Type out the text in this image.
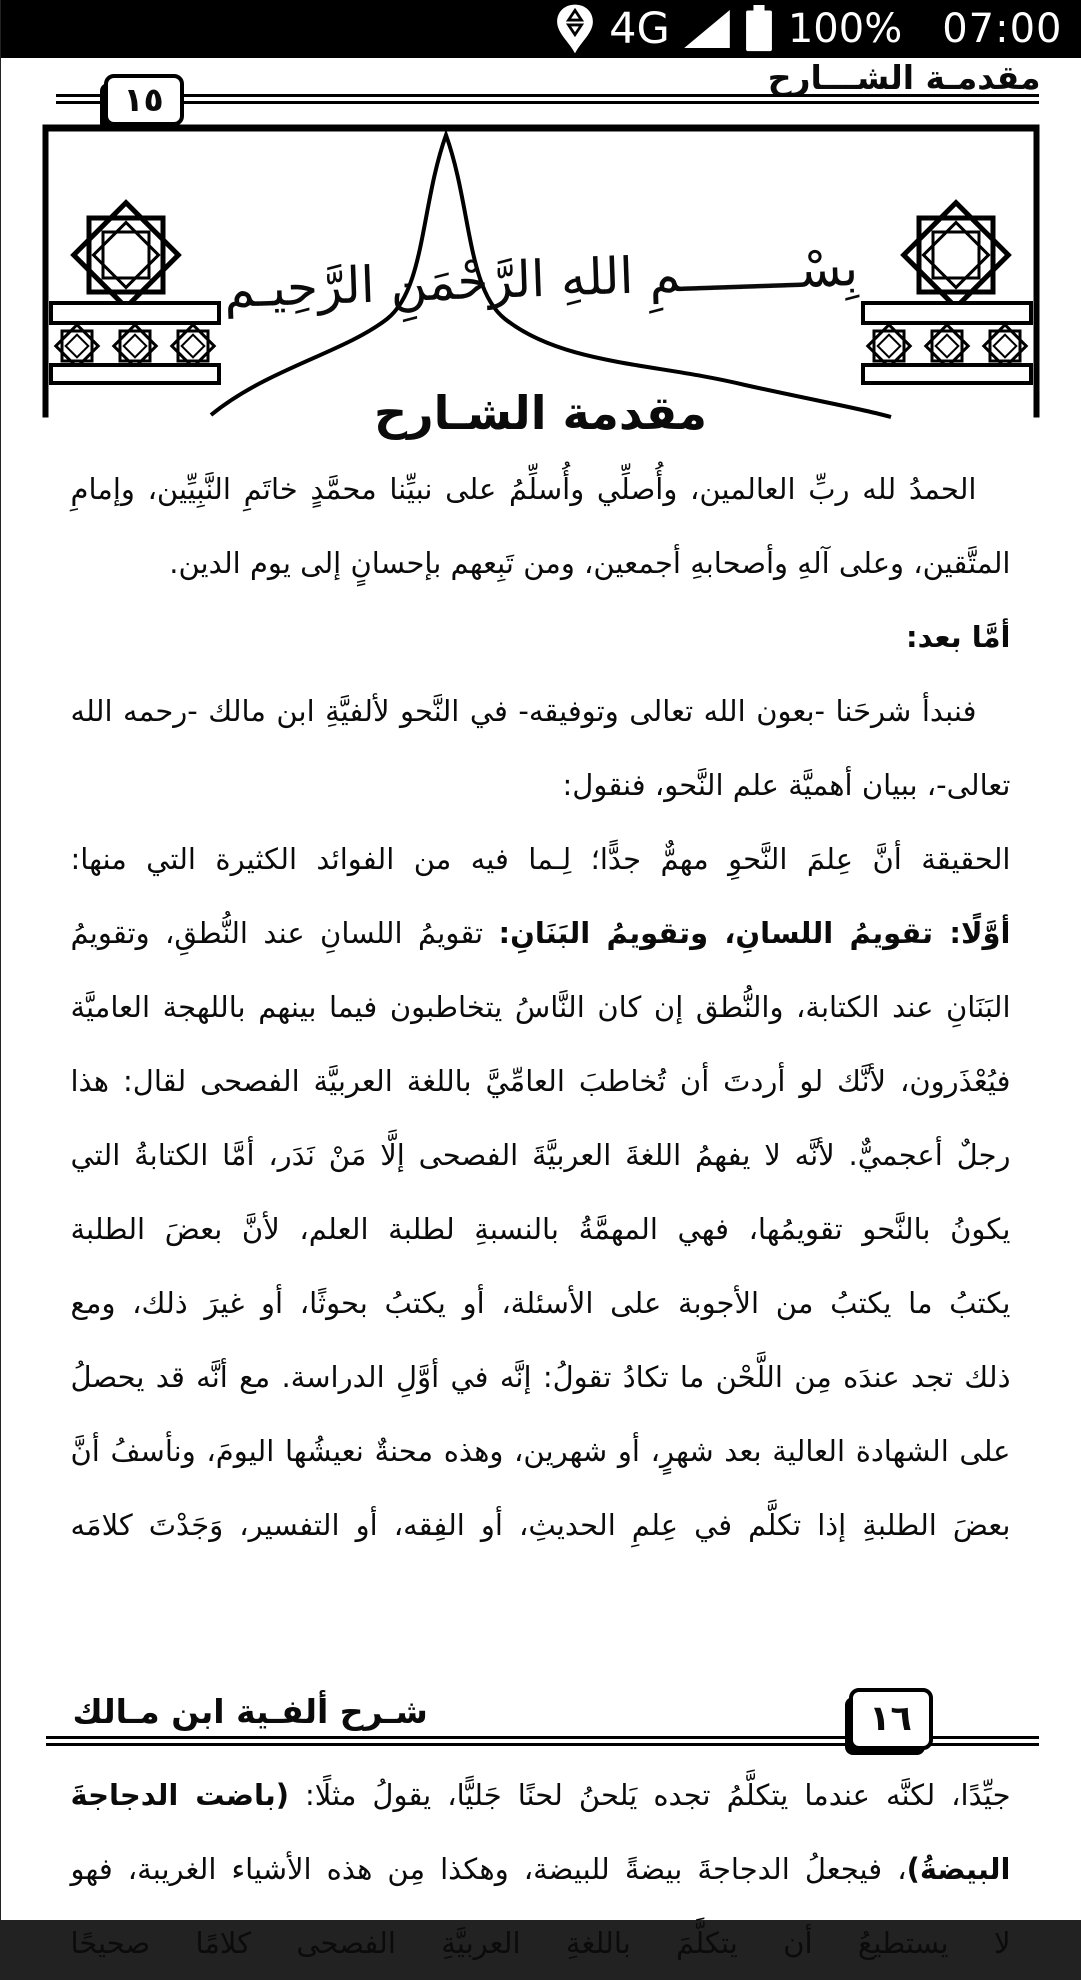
4G	100% 07:00
مقدمـة الشـــارح
١٥
بِسْــــــــمِ اللهِ الرَّحْمَنِ الرَّحِيـم
مقدمة الشـارح
الحمدُ لله ربِّ العالمين، وأُصلِّي وأُسلِّمُ على نبيِّنا محمَّدٍ خاتَمِ النَّبِيِّين، وإمامِ
المتَّقين، وعلى آلهِ وأصحابهِ أجمعين، ومن تَبِعهم بإحسانٍ إلى يوم الدين.
أمَّا بعد:
فنبدأ شرحَنا -بعون الله تعالى وتوفيقه- في النَّحو لألفيَّةِ ابن مالك -رحمه الله
تعالى-، ببيان أهميَّة علم النَّحو، فنقول:
الحقيقة أنَّ عِلمَ النَّحوِ مهمٌّ جدًّا؛ لِـما فيه من الفوائد الكثيرة التي منها:
أوَّلًا: تقويمُ اللسانِ، وتقويمُ البَنَانِ: تقويمُ اللسانِ عند النُّطقِ، وتقويمُ
البَنَانِ عند الكتابة، والنُّطق إن كان النَّاسُ يتخاطبون فيما بينهم باللهجة العاميَّة
فيُعْذَرون، لأنَّك لو أردتَ أن تُخاطبَ العامِّيَّ باللغة العربيَّة الفصحى لقال: هذا
رجلٌ أعجميٌّ. لأنَّه لا يفهمُ اللغةَ العربيَّةَ الفصحى إلَّا مَنْ نَدَر، أمَّا الكتابةُ التي
يكونُ بالنَّحو تقويمُها، فهي المهمَّةُ بالنسبةِ لطلبة العلم، لأنَّ بعضَ الطلبة
يكتبُ ما يكتبُ من الأجوبة على الأسئلة، أو يكتبُ بحوثًا، أو غيرَ ذلك، ومع
ذلك تجد عندَه مِن اللَّحْن ما تكادُ تقولُ: إنَّه في أوَّلِ الدراسة. مع أنَّه قد يحصلُ
على الشهادة العالية بعد شهرٍ، أو شهرين، وهذه محنةٌ نعيشُها اليومَ، ونأسفُ أنَّ
بعضَ الطلبةِ إذا تكلَّم في عِلمِ الحديثِ، أو الفِقه، أو التفسير، وَجَدْتَ كلامَه
شـرح ألفـية ابن مـالك	١٦
جيِّدًا، لكنَّه عندما يتكلَّمُ تجده يَلحنُ لحنًا جَليًّا، يقولُ مثلًا: (باضت الدجاجةَ
البيضةُ)، فيجعلُ الدجاجةَ بيضةً للبيضة، وهكذا مِن هذه الأشياء الغريبة، فهو
لا يستطيعُ أن يتكلَّمَ باللغةِ العربيَّةِ الفصحى كلامًا صحيحًا
